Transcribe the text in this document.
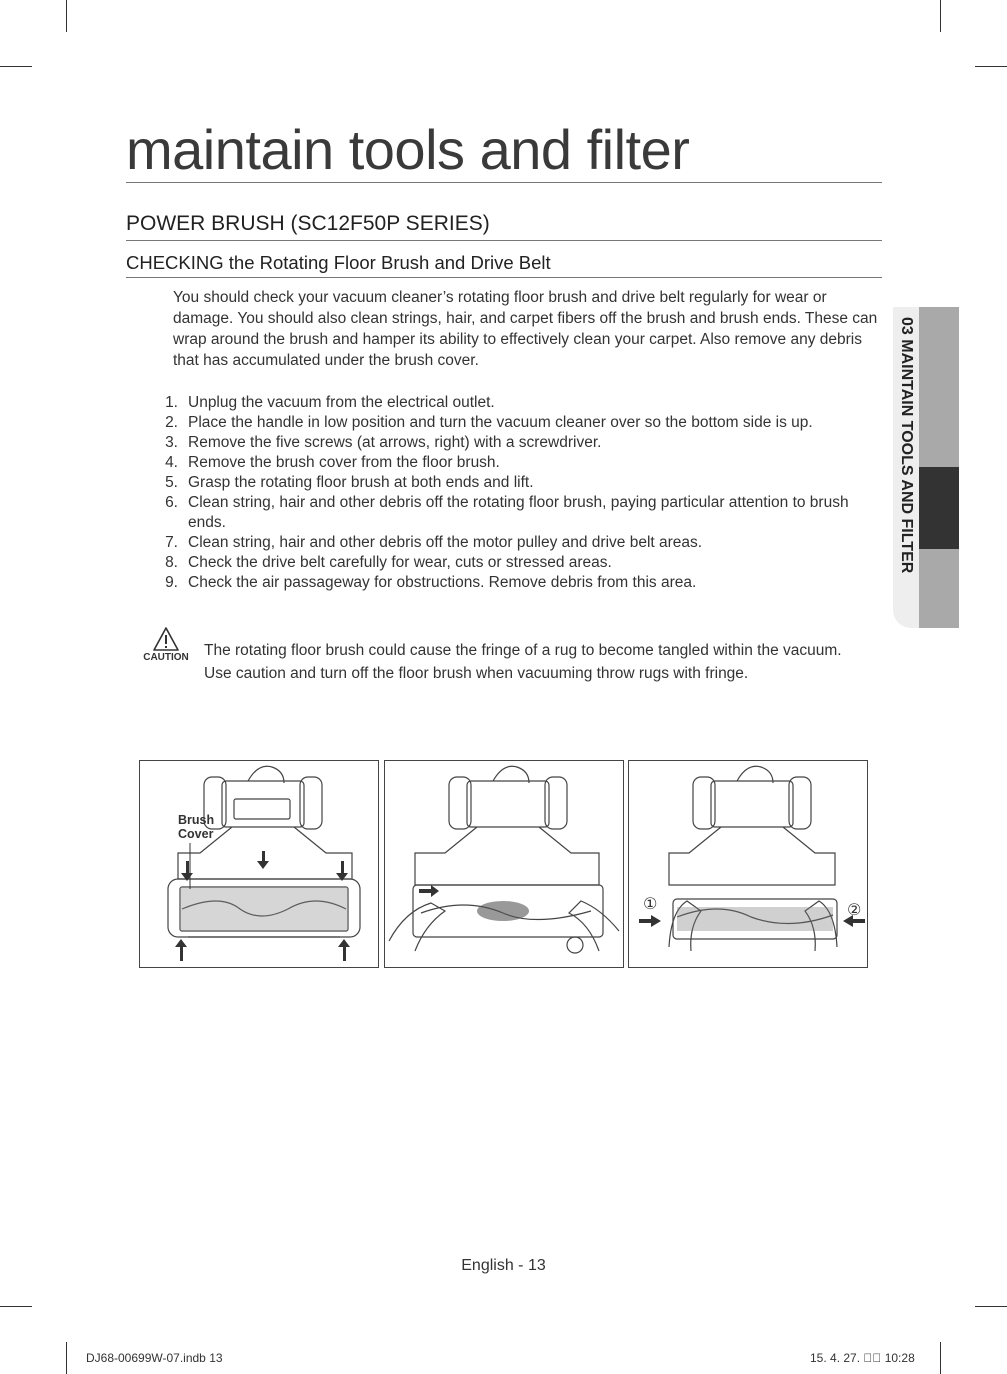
maintain tools and filter
POWER BRUSH (SC12F50P SERIES)
CHECKING the Rotating Floor Brush and Drive Belt
You should check your vacuum cleaner’s rotating floor brush and drive belt regularly for wear or damage. You should also clean strings, hair, and carpet fibers off the brush and brush ends. These can wrap around the brush and hamper its ability to effectively clean your carpet. Also remove any debris that has accumulated under the brush cover.
1. Unplug the vacuum from the electrical outlet.
2. Place the handle in low position and turn the vacuum cleaner over so the bottom side is up.
3. Remove the five screws (at arrows, right) with a screwdriver.
4. Remove the brush cover from the floor brush.
5. Grasp the rotating floor brush at both ends and lift.
6. Clean string, hair and other debris off the rotating floor brush, paying particular attention to brush ends.
7. Clean string, hair and other debris off the motor pulley and drive belt areas.
8. Check the drive belt carefully for wear, cuts or stressed areas.
9. Check the air passageway for obstructions. Remove debris from this area.
CAUTION The rotating floor brush could cause the fringe of a rug to become tangled within the vacuum.

Use caution and turn off the floor brush when vacuuming throw rugs with fringe.

03 MAINTAIN TOOLS AND FILTER
Brush
Cover
①	②
English - 13
DJ68-00699W-07.indb 13	15. 4. 27. ￿￿ 10:28
